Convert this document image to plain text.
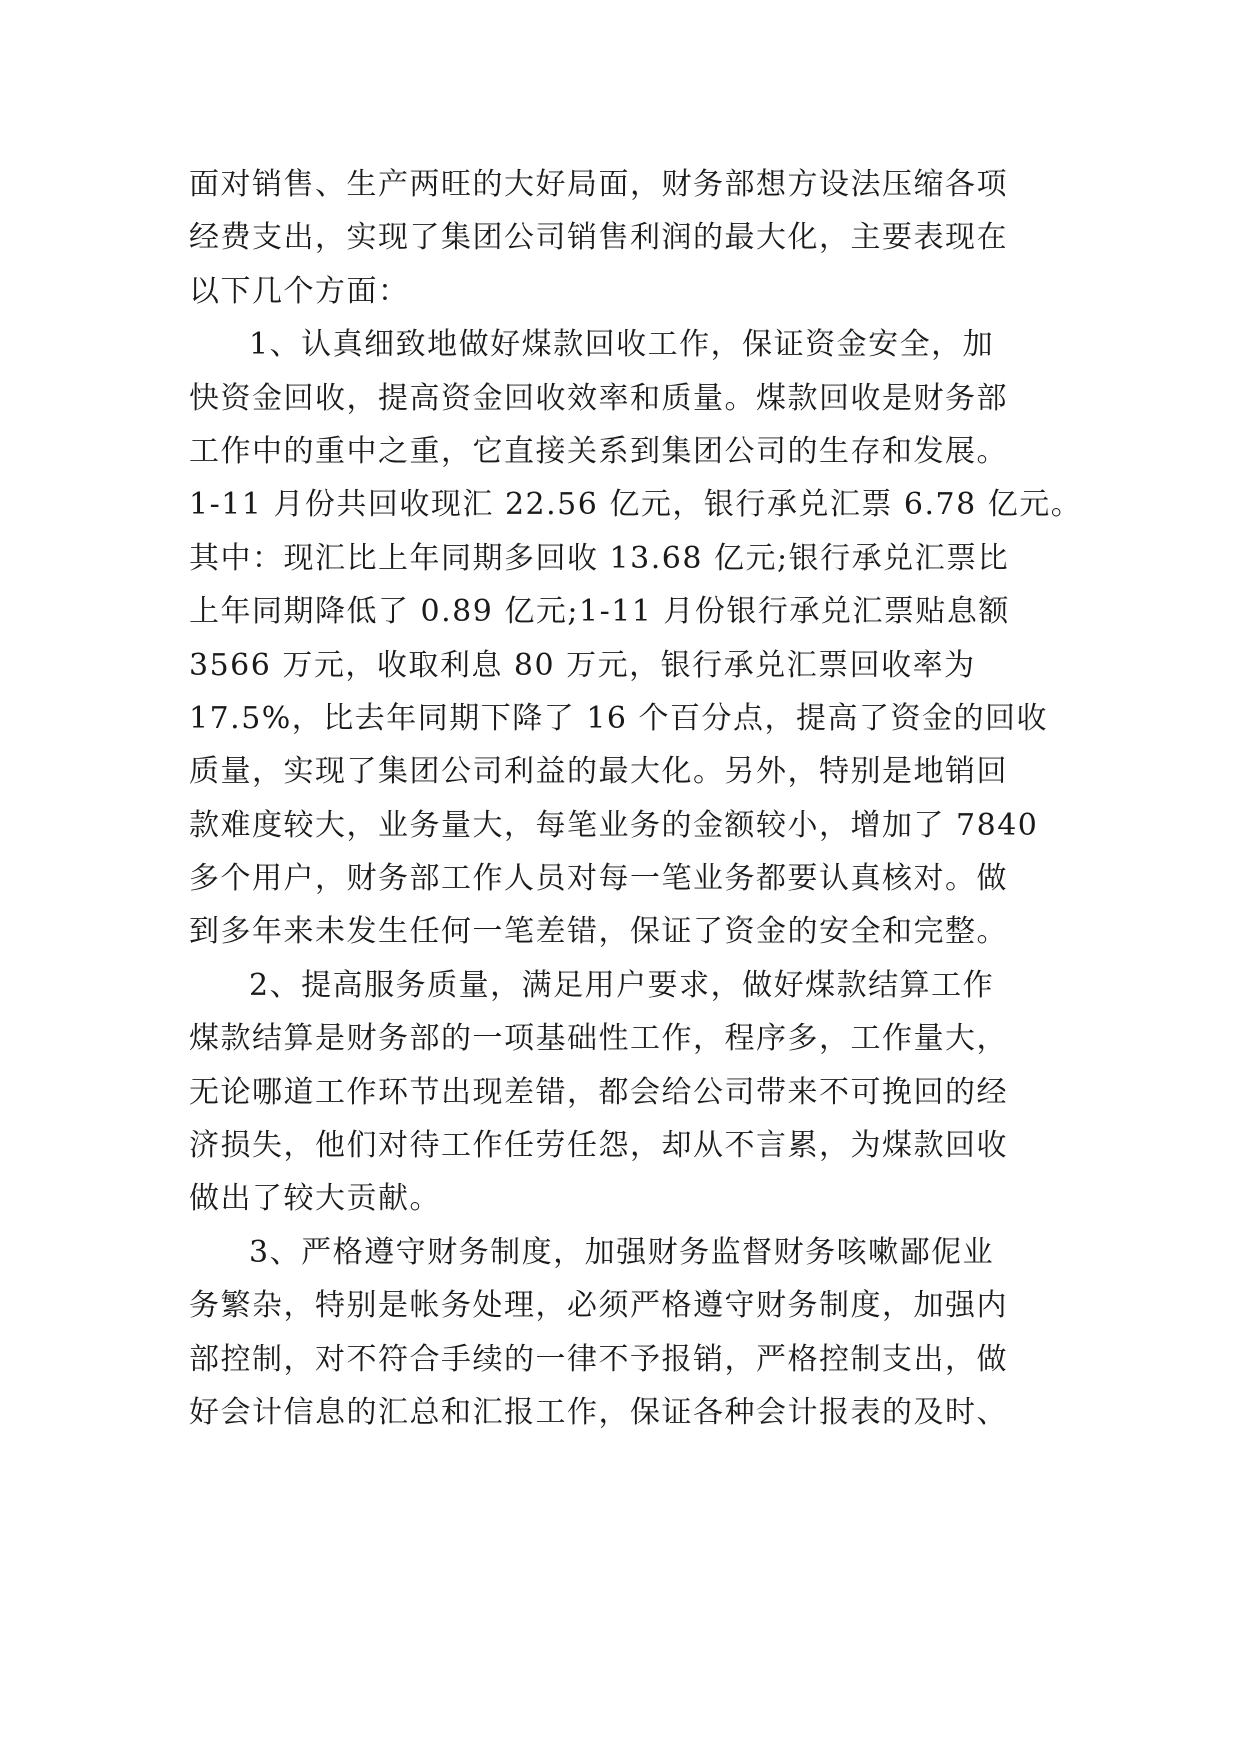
面对销售、生产两旺的大好局面，财务部想方设法压缩各项
经费支出，实现了集团公司销售利润的最大化，主要表现在
以下几个方面：
1、认真细致地做好煤款回收工作，保证资金安全，加
快资金回收，提高资金回收效率和质量。煤款回收是财务部
工作中的重中之重，它直接关系到集团公司的生存和发展。
1-11 月份共回收现汇 22.56 亿元，银行承兑汇票 6.78 亿元。
其中：现汇比上年同期多回收 13.68 亿元;银行承兑汇票比
上年同期降低了 0.89 亿元;1-11 月份银行承兑汇票贴息额
3566 万元，收取利息 80 万元，银行承兑汇票回收率为
17.5%，比去年同期下降了 16 个百分点，提高了资金的回收
质量，实现了集团公司利益的最大化。另外，特别是地销回
款难度较大，业务量大，每笔业务的金额较小，增加了 7840
多个用户，财务部工作人员对每一笔业务都要认真核对。做
到多年来未发生任何一笔差错，保证了资金的安全和完整。
2、提高服务质量，满足用户要求，做好煤款结算工作
煤款结算是财务部的一项基础性工作，程序多，工作量大，
无论哪道工作环节出现差错，都会给公司带来不可挽回的经
济损失，他们对待工作任劳任怨，却从不言累，为煤款回收
做出了较大贡献。
3、严格遵守财务制度，加强财务监督财务咳嗽鄙伲业
务繁杂，特别是帐务处理，必须严格遵守财务制度，加强内
部控制，对不符合手续的一律不予报销，严格控制支出，做
好会计信息的汇总和汇报工作，保证各种会计报表的及时、
